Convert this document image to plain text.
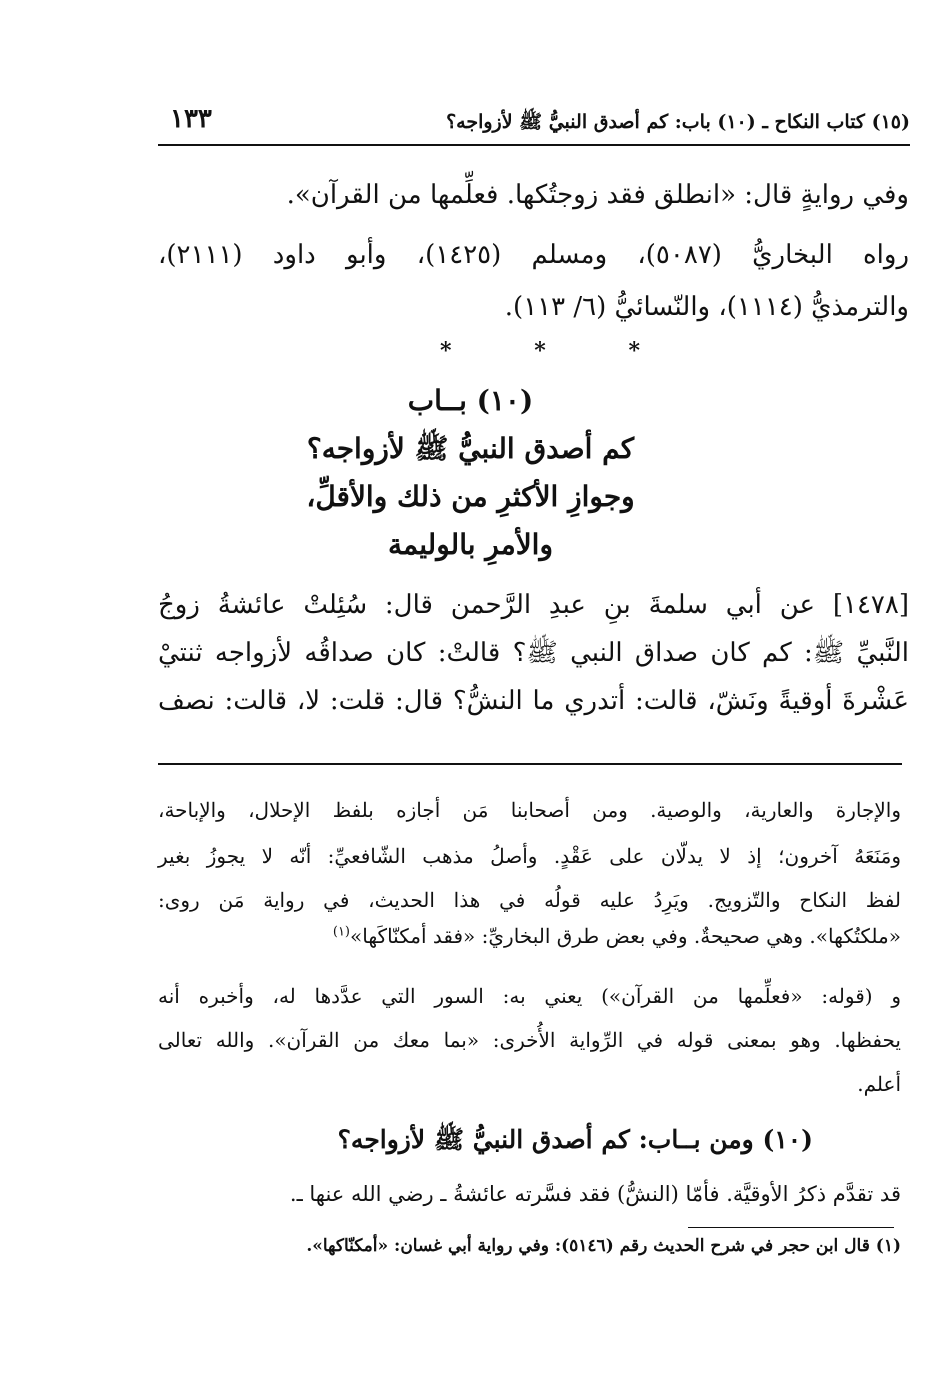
(١٥) كتاب النكاح ـ (١٠) باب: كم أصدق النبيُّ ﷺ لأزواجه؟
١٣٣
وفي روايةٍ قال: «انطلق فقد زوجتُكها. فعلِّمها من القرآن».
رواه البخاريُّ (٥٠٨٧)، ومسلم (١٤٢٥)، وأبو داود (٢١١١)،
والترمذيُّ (١١١٤)، والنّسائيُّ (٦/ ١١٣).
*	*	*
(١٠) بــاب
كم أصدق النبيُّ ﷺ لأزواجه؟
وجوازِ الأكثرِ من ذلك والأقلِّ،
والأمرِ بالوليمة
[١٤٧٨] عن أبي سلمةَ بنِ عبدِ الرَّحمن قال: سُئِلتْ عائشةُ زوجُ
النَّبيِّ ﷺ: كم كان صداق النبي ﷺ؟ قالتْ: كان صداقُه لأزواجه ثنتيْ
عَشْرةَ أوقيةً ونَشّ، قالت: أتدري ما النشُّ؟ قال: قلت: لا، قالت: نصف
والإجارة والعارية، والوصية. ومن أصحابنا مَن أجازه بلفظ الإحلال، والإباحة،
ومَنَعَهُ آخرون؛ إذ لا يدلّان على عَقْدٍ. وأصلُ مذهب الشّافعيِّ: أنّه لا يجوزُ بغير
لفظ النكاح والتّزويج. ويَرِدُ عليه قولُه في هذا الحديث، في رواية مَن روى:
«ملكتُكها». وهي صحيحةٌ. وفي بعض طرق البخاريِّ: «فقد أمكنّاكَها»$^{(١)}$
و (قوله: «فعلِّمها من القرآن») يعني به: السور التي عدَّدها له، وأخبره أنه
يحفظها. وهو بمعنى قوله في الرِّواية الأُخرى: «بما معك من القرآن». والله تعالى
أعلم.
(١٠) ومن بــاب: كم أصدق النبيُّ ﷺ لأزواجه؟
قد تقدَّم ذكرُ الأوقيَّة. فأمّا (النشُّ) فقد فسَّرته عائشةُ ـ رضي الله عنها ـ.
(١) قال ابن حجر في شرح الحديث رقم (٥١٤٦): وفي رواية أبي غسان: «أمكنّاكها».
